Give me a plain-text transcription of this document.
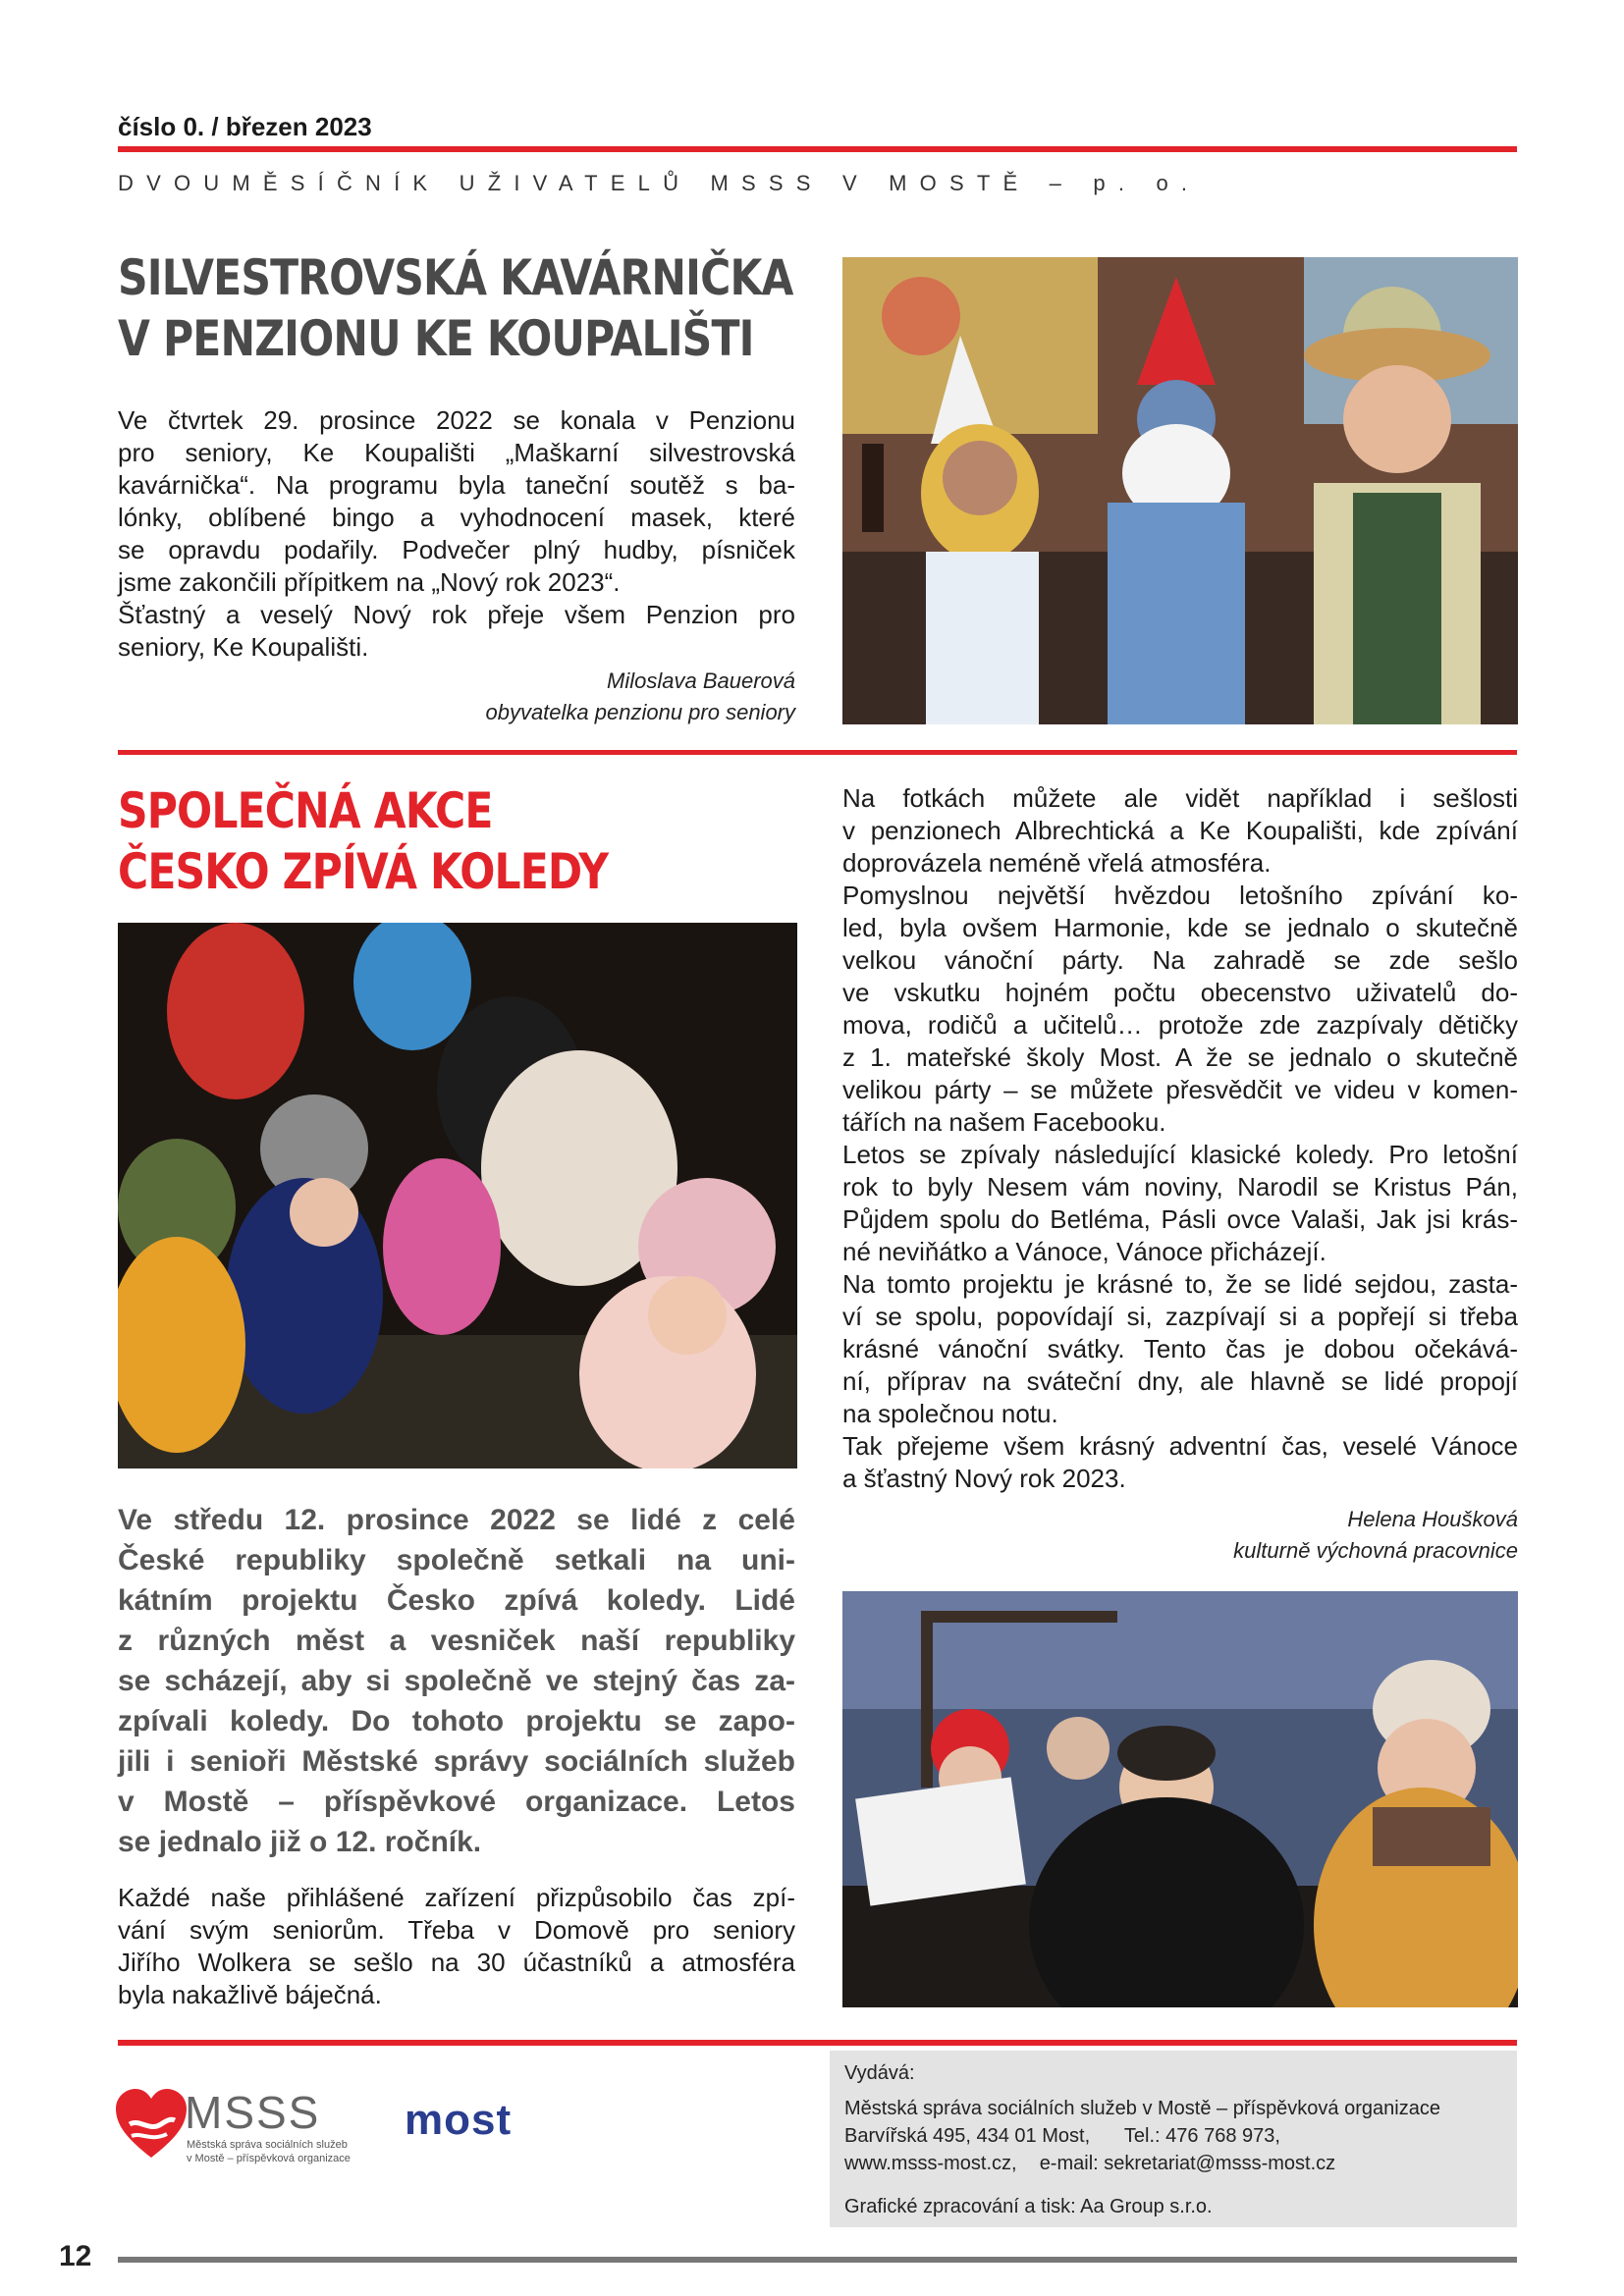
číslo 0. / březen 2023
DVOUMĚSÍČNÍK UŽIVATELŮ MSSS V MOSTĚ – p. o.
SILVESTROVSKÁ KAVÁRNIČKA
V PENZIONU KE KOUPALIŠTI

Ve čtvrtek 29. prosince 2022 se konala v Penzionu

pro seniory, Ke Koupališti „Maškarní silvestrovská

kavárnička“. Na programu byla taneční soutěž s ba-

lónky, oblíbené bingo a vyhodnocení masek, které

se opravdu podařily. Podvečer plný hudby, písniček

jsme zakončili přípitkem na „Nový rok 2023“.

Šťastný a veselý Nový rok přeje všem Penzion pro

seniory, Ke Koupališti.

Miloslava Bauerová
obyvatelka penzionu pro seniory
SPOLEČNÁ AKCE
ČESKO ZPÍVÁ KOLEDY
Ve středu 12. prosince 2022 se lidé z celé
České republiky společně setkali na uni-
kátním projektu Česko zpívá koledy. Lidé
z různých měst a vesniček naší republiky
se scházejí, aby si společně ve stejný čas za-
zpívali koledy. Do tohoto projektu se zapo-
jili i senioři Městské správy sociálních služeb
v Mostě – příspěvkové organizace. Letos
se jednalo již o 12. ročník.

Každé naše přihlášené zařízení přizpůsobilo čas zpí-

vání svým seniorům. Třeba v Domově pro seniory

Jiřího Wolkera se sešlo na 30 účastníků a atmosféra

byla nakažlivě báječná.

Na fotkách můžete ale vidět například i sešlosti

v penzionech Albrechtická a Ke Koupališti, kde zpívání

doprovázela neméně vřelá atmosféra.

Pomyslnou největší hvězdou letošního zpívání ko-

led, byla ovšem Harmonie, kde se jednalo o skutečně

velkou vánoční párty. Na zahradě se zde sešlo

ve vskutku hojném počtu obecenstvo uživatelů do-

mova, rodičů a učitelů… protože zde zazpívaly dětičky

z 1. mateřské školy Most. A že se jednalo o skutečně

velikou párty – se můžete přesvědčit ve videu v komen-

tářích na našem Facebooku.

Letos se zpívaly následující klasické koledy. Pro letošní

rok to byly Nesem vám noviny, Narodil se Kristus Pán,

Půjdem spolu do Betléma, Pásli ovce Valaši, Jak jsi krás-

né neviňátko a Vánoce, Vánoce přicházejí.

Na tomto projektu je krásné to, že se lidé sejdou, zasta-

ví se spolu, popovídají si, zazpívají si a popřejí si třeba

krásné vánoční svátky. Tento čas je dobou očekává-

ní, příprav na sváteční dny, ale hlavně se lidé propojí

na společnou notu.

Tak přejeme všem krásný adventní čas, veselé Vánoce

a šťastný Nový rok 2023.

Helena Houšková
kulturně výchovná pracovnice
MSSS
Městská správa sociálních služeb
v Mostě – příspěvková organizace
most
Vydává:
Městská správa sociálních služeb v Mostě – příspěvková organizace
Barvířská 495, 434 01 Most, Tel.: 476 768 973,
www.msss-most.cz, e-mail: sekretariat@msss-most.cz
Grafické zpracování a tisk: Aa Group s.r.o.
12
